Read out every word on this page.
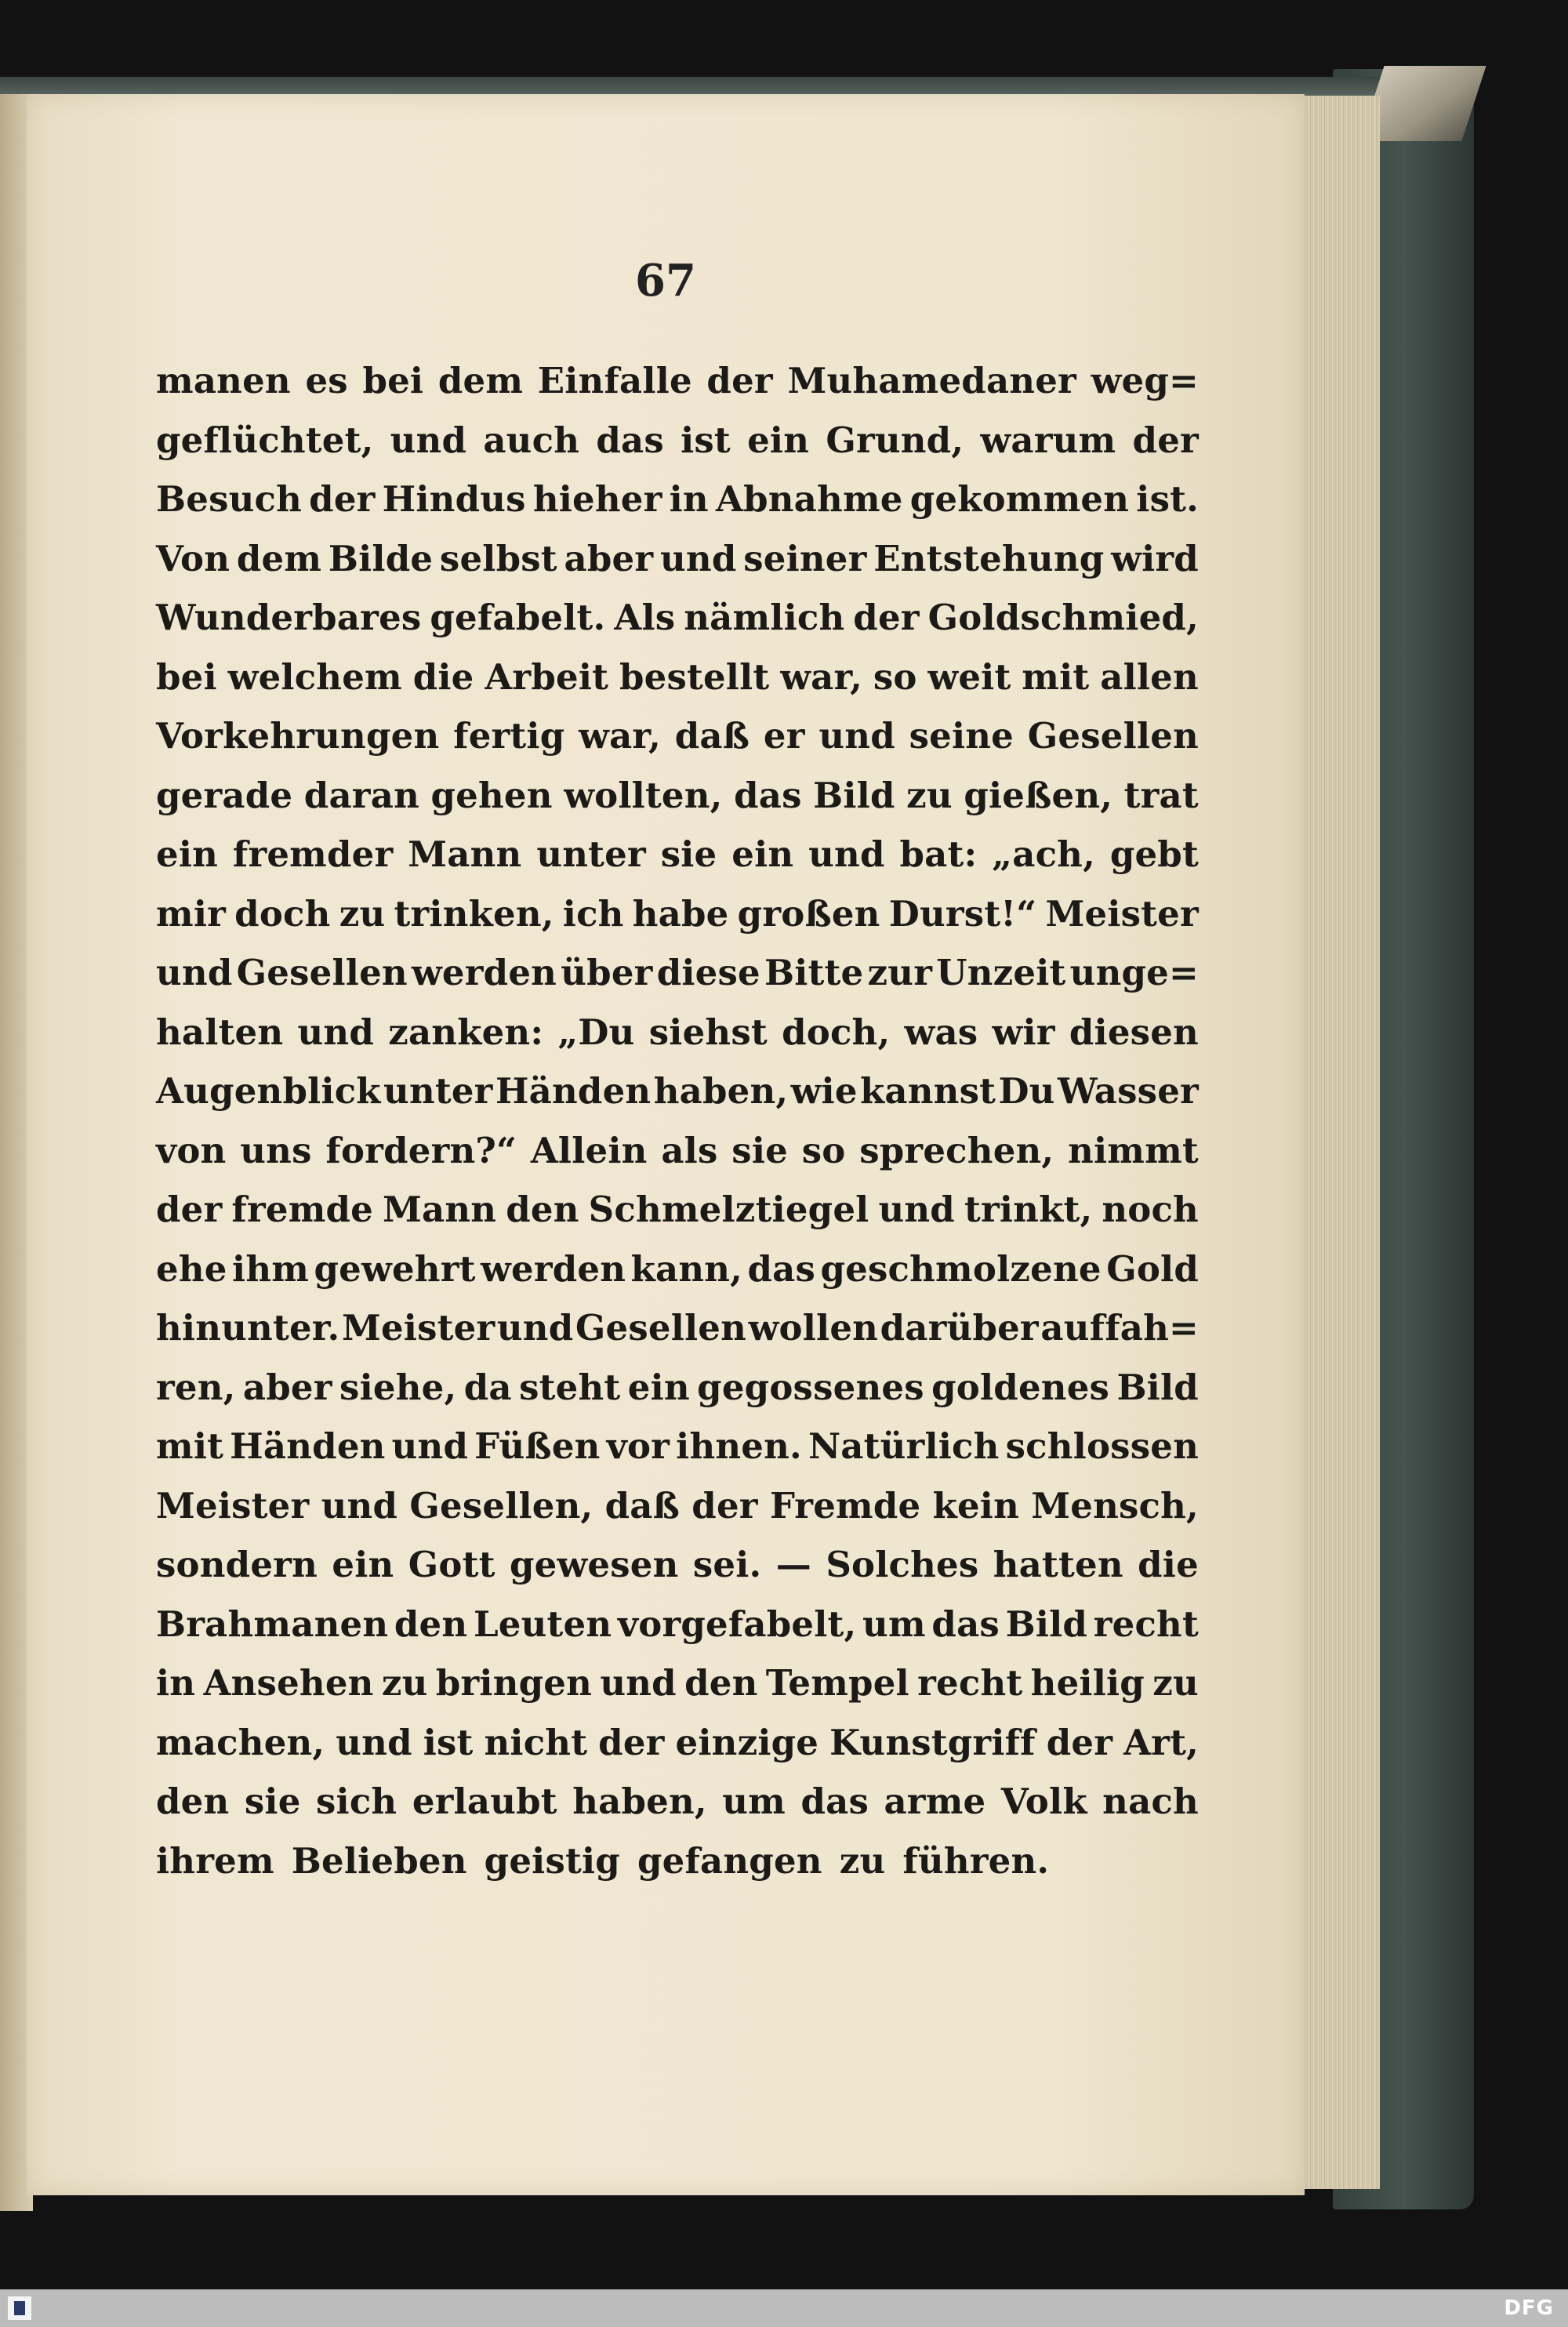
67
manen es bei dem Einfalle der Muhamedaner weg=
geflüchtet, und auch das ist ein Grund, warum der
Besuch der Hindus hieher in Abnahme gekommen ist.
Von dem Bilde selbst aber und seiner Entstehung wird
Wunderbares gefabelt. Als nämlich der Goldschmied,
bei welchem die Arbeit bestellt war, so weit mit allen
Vorkehrungen fertig war, daß er und seine Gesellen
gerade daran gehen wollten, das Bild zu gießen, trat
ein fremder Mann unter sie ein und bat: „ach, gebt
mir doch zu trinken, ich habe großen Durst!“ Meister
und Gesellen werden über diese Bitte zur Unzeit unge=
halten und zanken: „Du siehst doch, was wir diesen
Augenblick unter Händen haben, wie kannst Du Wasser
von uns fordern?“ Allein als sie so sprechen, nimmt
der fremde Mann den Schmelztiegel und trinkt, noch
ehe ihm gewehrt werden kann, das geschmolzene Gold
hinunter. Meister und Gesellen wollen darüber auffah=
ren, aber siehe, da steht ein gegossenes goldenes Bild
mit Händen und Füßen vor ihnen. Natürlich schlossen
Meister und Gesellen, daß der Fremde kein Mensch,
sondern ein Gott gewesen sei. — Solches hatten die
Brahmanen den Leuten vorgefabelt, um das Bild recht
in Ansehen zu bringen und den Tempel recht heilig zu
machen, und ist nicht der einzige Kunstgriff der Art,
den sie sich erlaubt haben, um das arme Volk nach
ihrem Belieben geistig gefangen zu führen.
DFG
